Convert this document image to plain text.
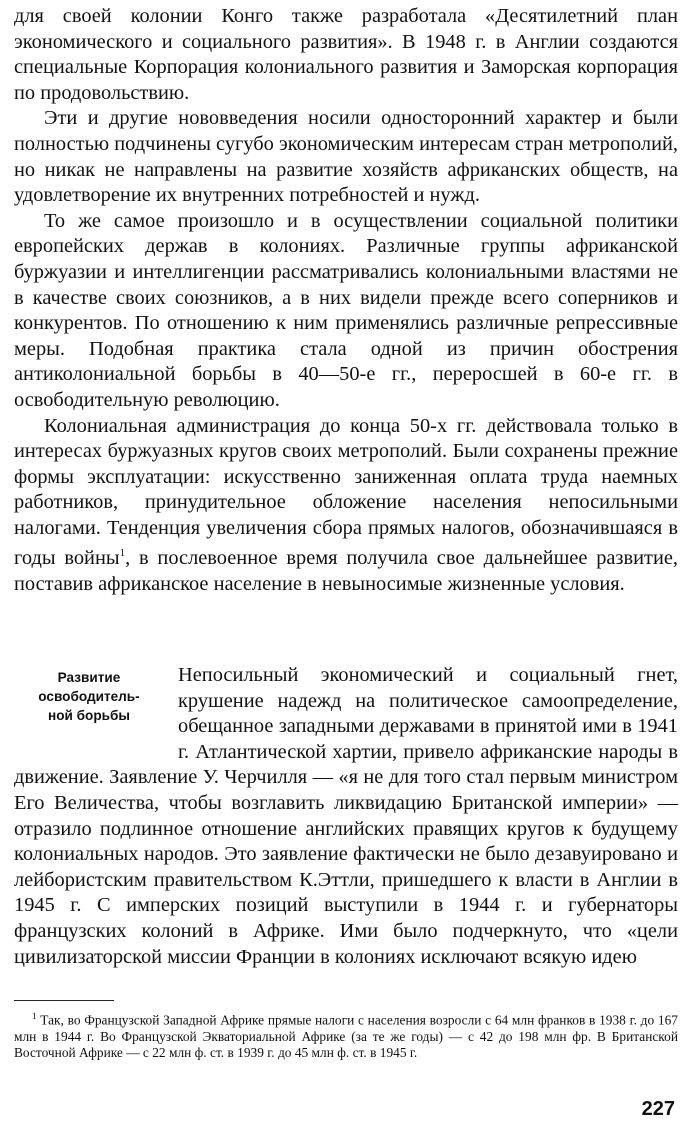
для своей колонии Конго также разработала «Десятилетний план экономического и социального развития». В 1948 г. в Англии создаются специальные Корпорация колониального развития и Заморская корпорация по продовольствию.

Эти и другие нововведения носили односторонний характер и были полностью подчинены сугубо экономическим интересам стран метрополий, но никак не направлены на развитие хозяйств африканских обществ, на удовлетворение их внутренних потребностей и нужд.

То же самое произошло и в осуществлении социальной политики европейских держав в колониях. Различные группы африканской буржуазии и интеллигенции рассматривались колониальными властями не в качестве своих союзников, а в них видели прежде всего соперников и конкурентов. По отношению к ним применялись различные репрессивные меры. Подобная практика стала одной из причин обострения антиколониальной борьбы в 40—50-е гг., переросшей в 60-е гг. в освободительную революцию.

Колониальная администрация до конца 50-х гг. действовала только в интересах буржуазных кругов своих метрополий. Были сохранены прежние формы эксплуатации: искусственно заниженная оплата труда наемных работников, принудительное обложение населения непосильными налогами. Тенденция увеличения сбора прямых налогов, обозначившаяся в годы войны$^1$, в послевоенное время получила свое дальнейшее развитие, поставив африканское население в невыносимые жизненные условия.

Развитие
освободитель-
ной борьбы

Непосильный экономический и социальный гнет, крушение надежд на политическое самоопределение, обещанное западными державами в принятой ими в 1941 г. Атлантической хартии, привело африканские народы в движение. Заявление У. Черчилля — «я не для того стал первым министром Его Величества, чтобы возглавить ликвидацию Британской империи» — отразило подлинное отношение английских правящих кругов к будущему колониальных народов. Это заявление фактически не было дезавуировано и лейбористским правительством К.Эттли, пришедшего к власти в Англии в 1945 г. С имперских позиций выступили в 1944 г. и губернаторы французских колоний в Африке. Ими было подчеркнуто, что «цели цивилизаторской миссии Франции в колониях исключают всякую идею

$^1$ Так, во Французской Западной Африке прямые налоги с населения возросли с 64 млн франков в 1938 г. до 167 млн в 1944 г. Во Французской Экваториальной Африке (за те же годы) — с 42 до 198 млн фр. В Британской Восточной Африке — с 22 млн ф. ст. в 1939 г. до 45 млн ф. ст. в 1945 г.

227
